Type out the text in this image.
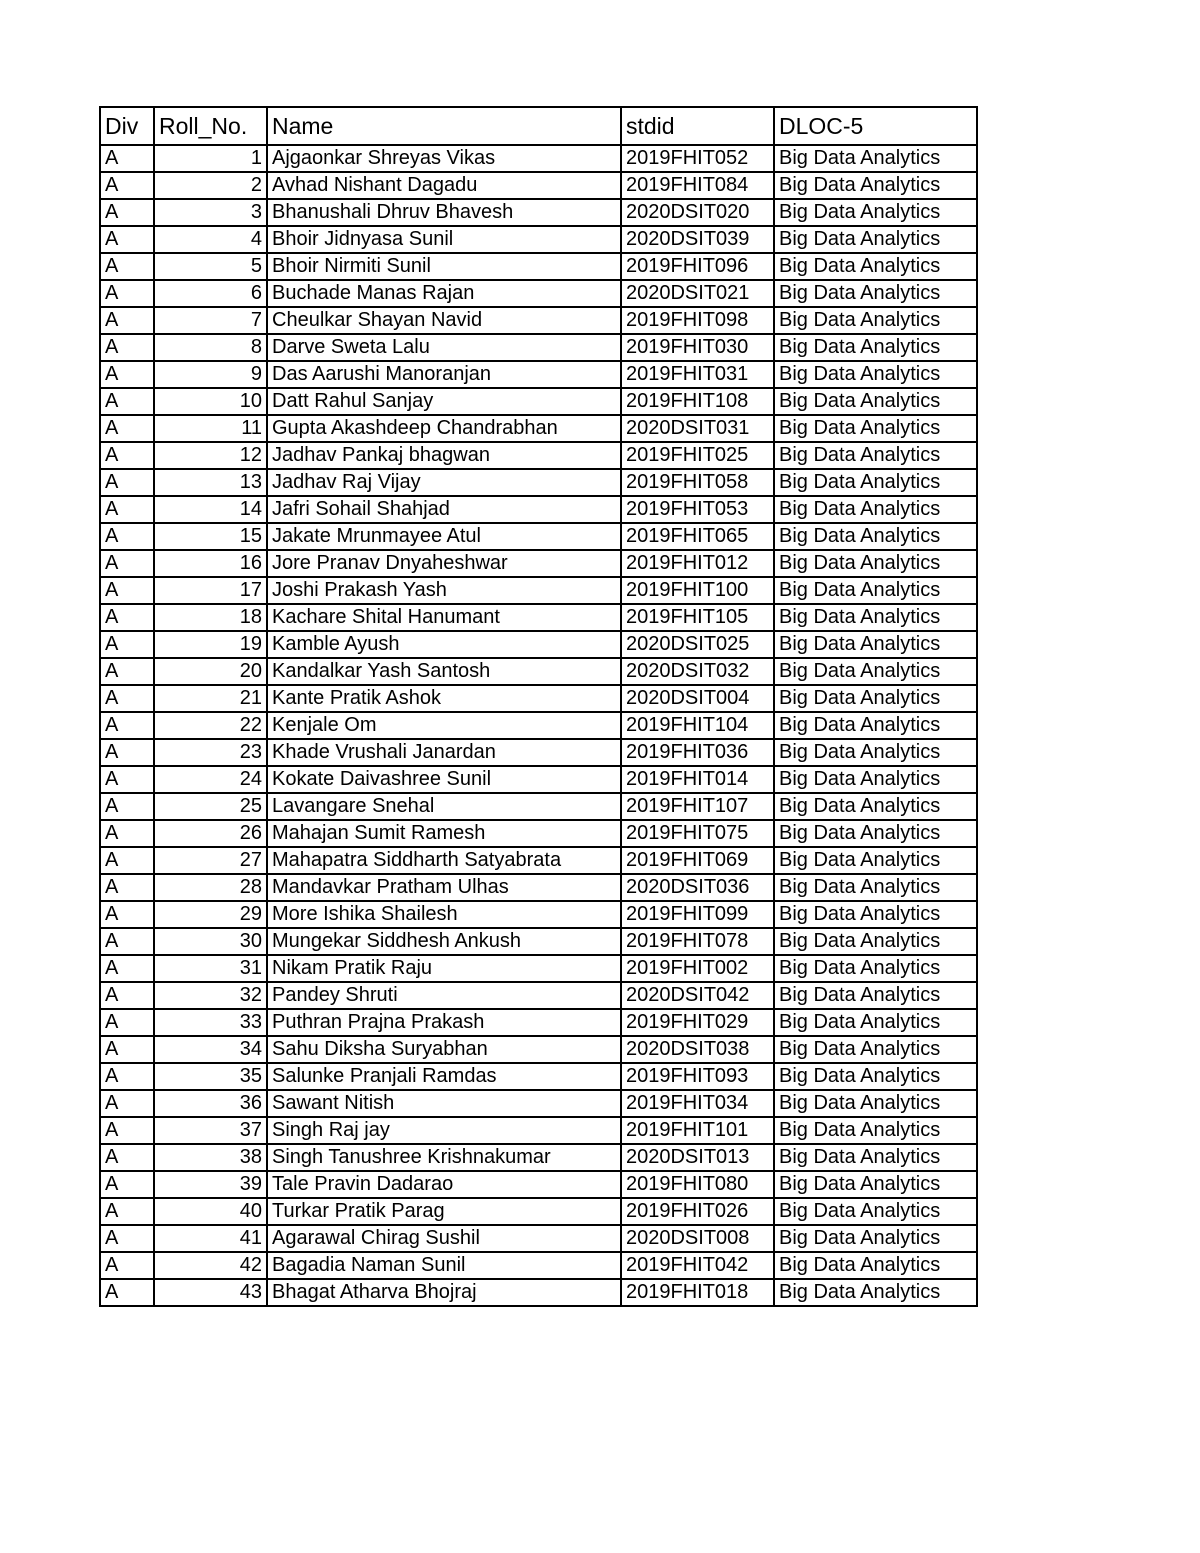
Div	Roll_No.	Name	stdid	DLOC-5
A	1	Ajgaonkar Shreyas Vikas	2019FHIT052	Big Data Analytics
A	2	Avhad Nishant Dagadu	2019FHIT084	Big Data Analytics
A	3	Bhanushali Dhruv Bhavesh	2020DSIT020	Big Data Analytics
A	4	Bhoir Jidnyasa Sunil	2020DSIT039	Big Data Analytics
A	5	Bhoir Nirmiti Sunil	2019FHIT096	Big Data Analytics
A	6	Buchade Manas Rajan	2020DSIT021	Big Data Analytics
A	7	Cheulkar Shayan Navid	2019FHIT098	Big Data Analytics
A	8	Darve Sweta Lalu	2019FHIT030	Big Data Analytics
A	9	Das Aarushi Manoranjan	2019FHIT031	Big Data Analytics
A	10	Datt Rahul Sanjay	2019FHIT108	Big Data Analytics
A	11	Gupta Akashdeep Chandrabhan	2020DSIT031	Big Data Analytics
A	12	Jadhav Pankaj bhagwan	2019FHIT025	Big Data Analytics
A	13	Jadhav Raj Vijay	2019FHIT058	Big Data Analytics
A	14	Jafri Sohail Shahjad	2019FHIT053	Big Data Analytics
A	15	Jakate Mrunmayee Atul	2019FHIT065	Big Data Analytics
A	16	Jore Pranav Dnyaheshwar	2019FHIT012	Big Data Analytics
A	17	Joshi Prakash Yash	2019FHIT100	Big Data Analytics
A	18	Kachare Shital Hanumant	2019FHIT105	Big Data Analytics
A	19	Kamble Ayush	2020DSIT025	Big Data Analytics
A	20	Kandalkar Yash Santosh	2020DSIT032	Big Data Analytics
A	21	Kante Pratik Ashok	2020DSIT004	Big Data Analytics
A	22	Kenjale Om	2019FHIT104	Big Data Analytics
A	23	Khade Vrushali Janardan	2019FHIT036	Big Data Analytics
A	24	Kokate Daivashree Sunil	2019FHIT014	Big Data Analytics
A	25	Lavangare Snehal	2019FHIT107	Big Data Analytics
A	26	Mahajan Sumit Ramesh	2019FHIT075	Big Data Analytics
A	27	Mahapatra Siddharth Satyabrata	2019FHIT069	Big Data Analytics
A	28	Mandavkar Pratham Ulhas	2020DSIT036	Big Data Analytics
A	29	More Ishika Shailesh	2019FHIT099	Big Data Analytics
A	30	Mungekar Siddhesh Ankush	2019FHIT078	Big Data Analytics
A	31	Nikam Pratik Raju	2019FHIT002	Big Data Analytics
A	32	Pandey Shruti	2020DSIT042	Big Data Analytics
A	33	Puthran Prajna Prakash	2019FHIT029	Big Data Analytics
A	34	Sahu Diksha Suryabhan	2020DSIT038	Big Data Analytics
A	35	Salunke Pranjali Ramdas	2019FHIT093	Big Data Analytics
A	36	Sawant Nitish	2019FHIT034	Big Data Analytics
A	37	Singh Raj jay	2019FHIT101	Big Data Analytics
A	38	Singh Tanushree Krishnakumar	2020DSIT013	Big Data Analytics
A	39	Tale Pravin Dadarao	2019FHIT080	Big Data Analytics
A	40	Turkar Pratik Parag	2019FHIT026	Big Data Analytics
A	41	Agarawal Chirag Sushil	2020DSIT008	Big Data Analytics
A	42	Bagadia Naman Sunil	2019FHIT042	Big Data Analytics
A	43	Bhagat Atharva Bhojraj	2019FHIT018	Big Data Analytics
